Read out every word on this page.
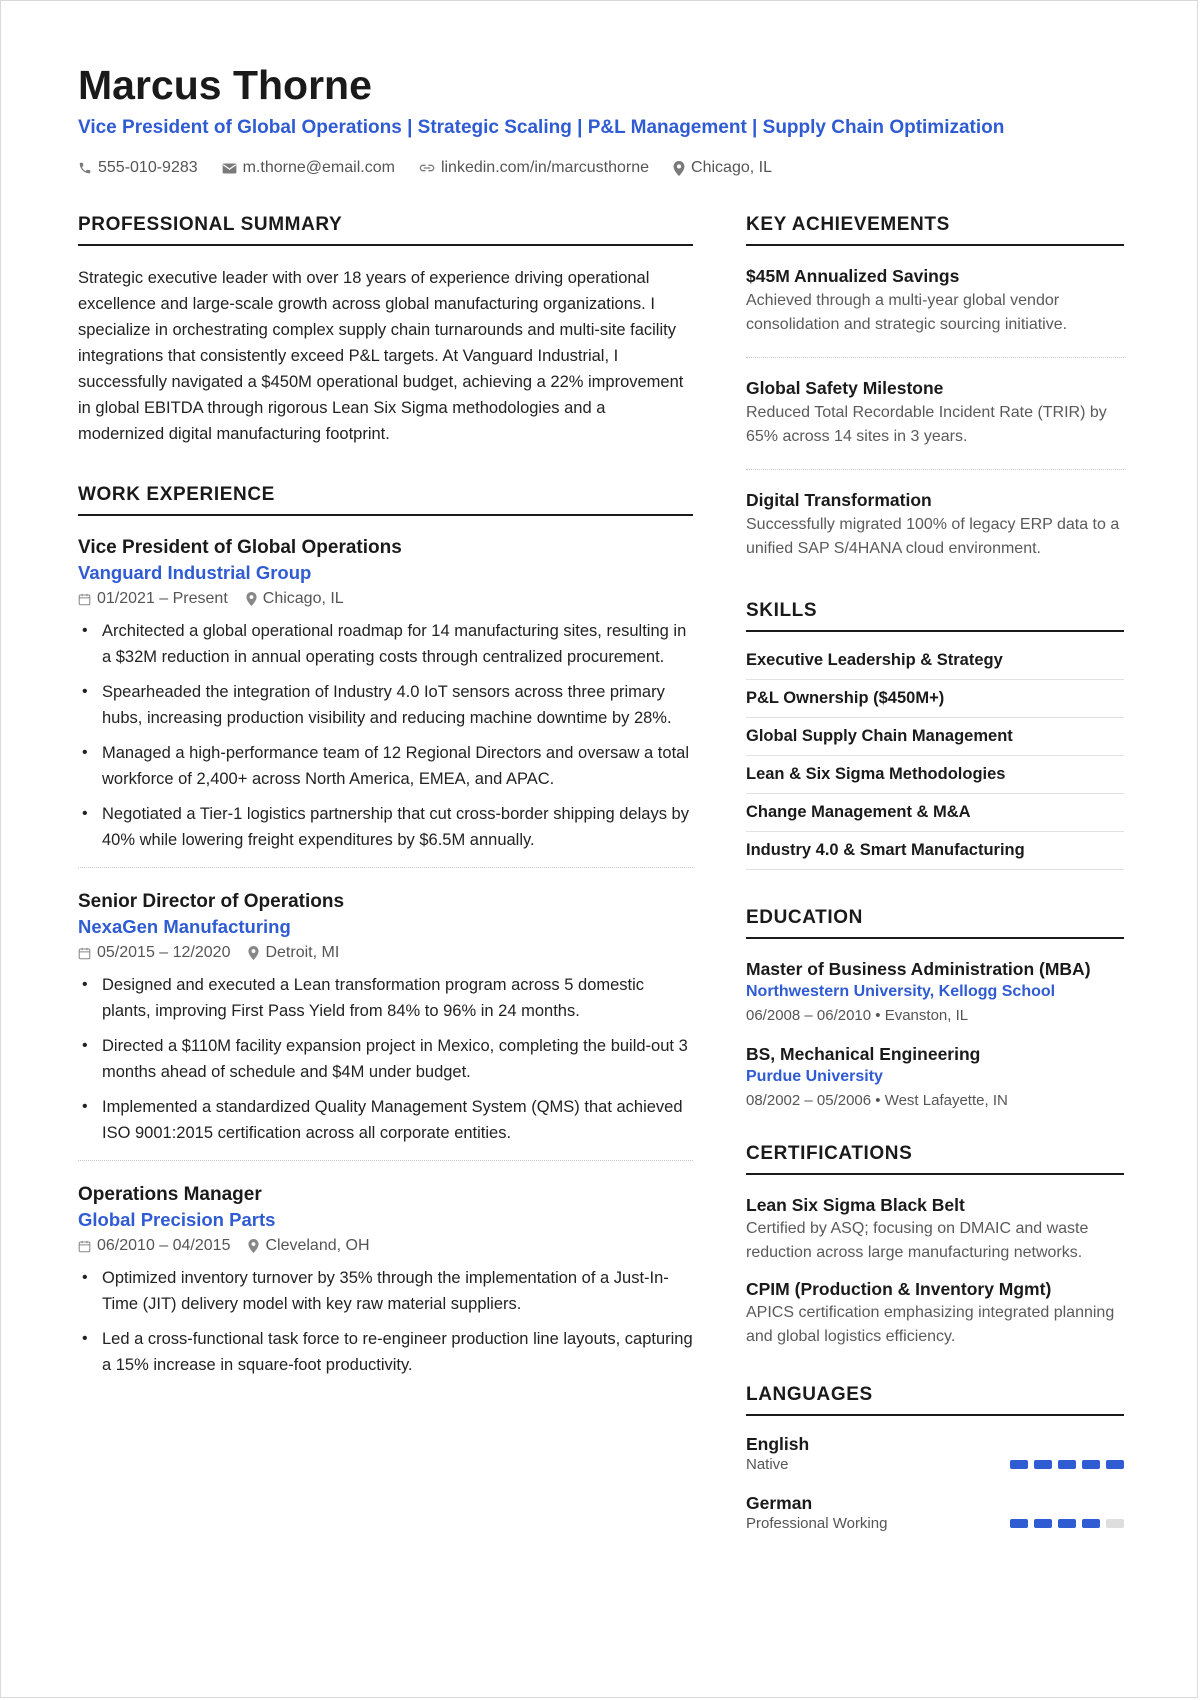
Marcus Thorne
Vice President of Global Operations | Strategic Scaling | P&L Management | Supply Chain Optimization
555-010-9283	m.thorne@email.com	linkedin.com/in/marcusthorne	Chicago, IL
PROFESSIONAL SUMMARY
Strategic executive leader with over 18 years of experience driving operational excellence and large-scale growth across global manufacturing organizations. I specialize in orchestrating complex supply chain turnarounds and multi-site facility integrations that consistently exceed P&L targets. At Vanguard Industrial, I successfully navigated a $450M operational budget, achieving a 22% improvement in global EBITDA through rigorous Lean Six Sigma methodologies and a modernized digital manufacturing footprint.
WORK EXPERIENCE
Vice President of Global Operations
Vanguard Industrial Group
01/2021 – Present Chicago, IL
• Architected a global operational roadmap for 14 manufacturing sites, resulting in a $32M reduction in annual operating costs through centralized procurement.
• Spearheaded the integration of Industry 4.0 IoT sensors across three primary hubs, increasing production visibility and reducing machine downtime by 28%.
• Managed a high-performance team of 12 Regional Directors and oversaw a total workforce of 2,400+ across North America, EMEA, and APAC.
• Negotiated a Tier-1 logistics partnership that cut cross-border shipping delays by 40% while lowering freight expenditures by $6.5M annually.
Senior Director of Operations
NexaGen Manufacturing
05/2015 – 12/2020 Detroit, MI
• Designed and executed a Lean transformation program across 5 domestic plants, improving First Pass Yield from 84% to 96% in 24 months.
• Directed a $110M facility expansion project in Mexico, completing the build-out 3 months ahead of schedule and $4M under budget.
• Implemented a standardized Quality Management System (QMS) that achieved ISO 9001:2015 certification across all corporate entities.
Operations Manager
Global Precision Parts
06/2010 – 04/2015 Cleveland, OH
• Optimized inventory turnover by 35% through the implementation of a Just-In-Time (JIT) delivery model with key raw material suppliers.
• Led a cross-functional task force to re-engineer production line layouts, capturing a 15% increase in square-foot productivity.
KEY ACHIEVEMENTS
$45M Annualized Savings
Achieved through a multi-year global vendor consolidation and strategic sourcing initiative.
Global Safety Milestone
Reduced Total Recordable Incident Rate (TRIR) by 65% across 14 sites in 3 years.
Digital Transformation
Successfully migrated 100% of legacy ERP data to a unified SAP S/4HANA cloud environment.
SKILLS
Executive Leadership & Strategy
P&L Ownership ($450M+)
Global Supply Chain Management
Lean & Six Sigma Methodologies
Change Management & M&A
Industry 4.0 & Smart Manufacturing
EDUCATION
Master of Business Administration (MBA)
Northwestern University, Kellogg School
06/2008 – 06/2010 • Evanston, IL
BS, Mechanical Engineering
Purdue University
08/2002 – 05/2006 • West Lafayette, IN
CERTIFICATIONS
Lean Six Sigma Black Belt
Certified by ASQ; focusing on DMAIC and waste reduction across large manufacturing networks.
CPIM (Production & Inventory Mgmt)
APICS certification emphasizing integrated planning and global logistics efficiency.
LANGUAGES
English
Native
German
Professional Working
